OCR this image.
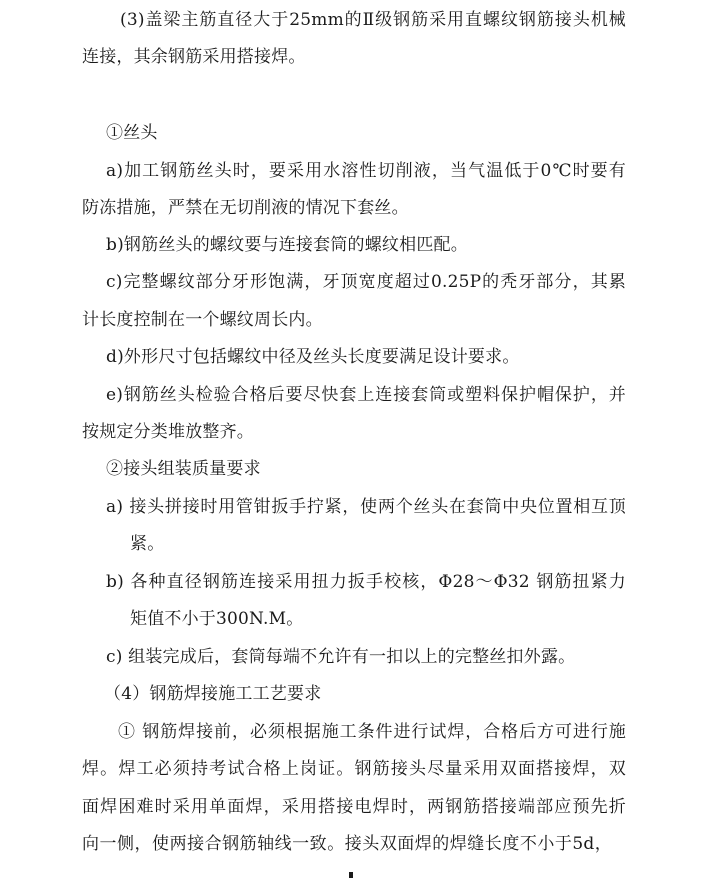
(3)盖梁主筋直径大于25mm的Ⅱ级钢筋采用直螺纹钢筋接头机械

连接，其余钢筋采用搭接焊。

①丝头

a)加工钢筋丝头时，要采用水溶性切削液，当气温低于0℃时要有

防冻措施，严禁在无切削液的情况下套丝。

b)钢筋丝头的螺纹要与连接套筒的螺纹相匹配。

c)完整螺纹部分牙形饱满，牙顶宽度超过0.25P的秃牙部分，其累

计长度控制在一个螺纹周长内。

d)外形尺寸包括螺纹中径及丝头长度要满足设计要求。

e)钢筋丝头检验合格后要尽快套上连接套筒或塑料保护帽保护，并

按规定分类堆放整齐。

②接头组装质量要求

a) 接头拼接时用管钳扳手拧紧，使两个丝头在套筒中央位置相互顶

紧。

b) 各种直径钢筋连接采用扭力扳手校核，Φ28～Φ32 钢筋扭紧力

矩值不小于300N.M。

c) 组装完成后，套筒每端不允许有一扣以上的完整丝扣外露。

（4）钢筋焊接施工工艺要求

① 钢筋焊接前，必须根据施工条件进行试焊，合格后方可进行施

焊。焊工必须持考试合格上岗证。钢筋接头尽量采用双面搭接焊，双

面焊困难时采用单面焊，采用搭接电焊时，两钢筋搭接端部应预先折

向一侧，使两接合钢筋轴线一致。接头双面焊的焊缝长度不小于5d，
